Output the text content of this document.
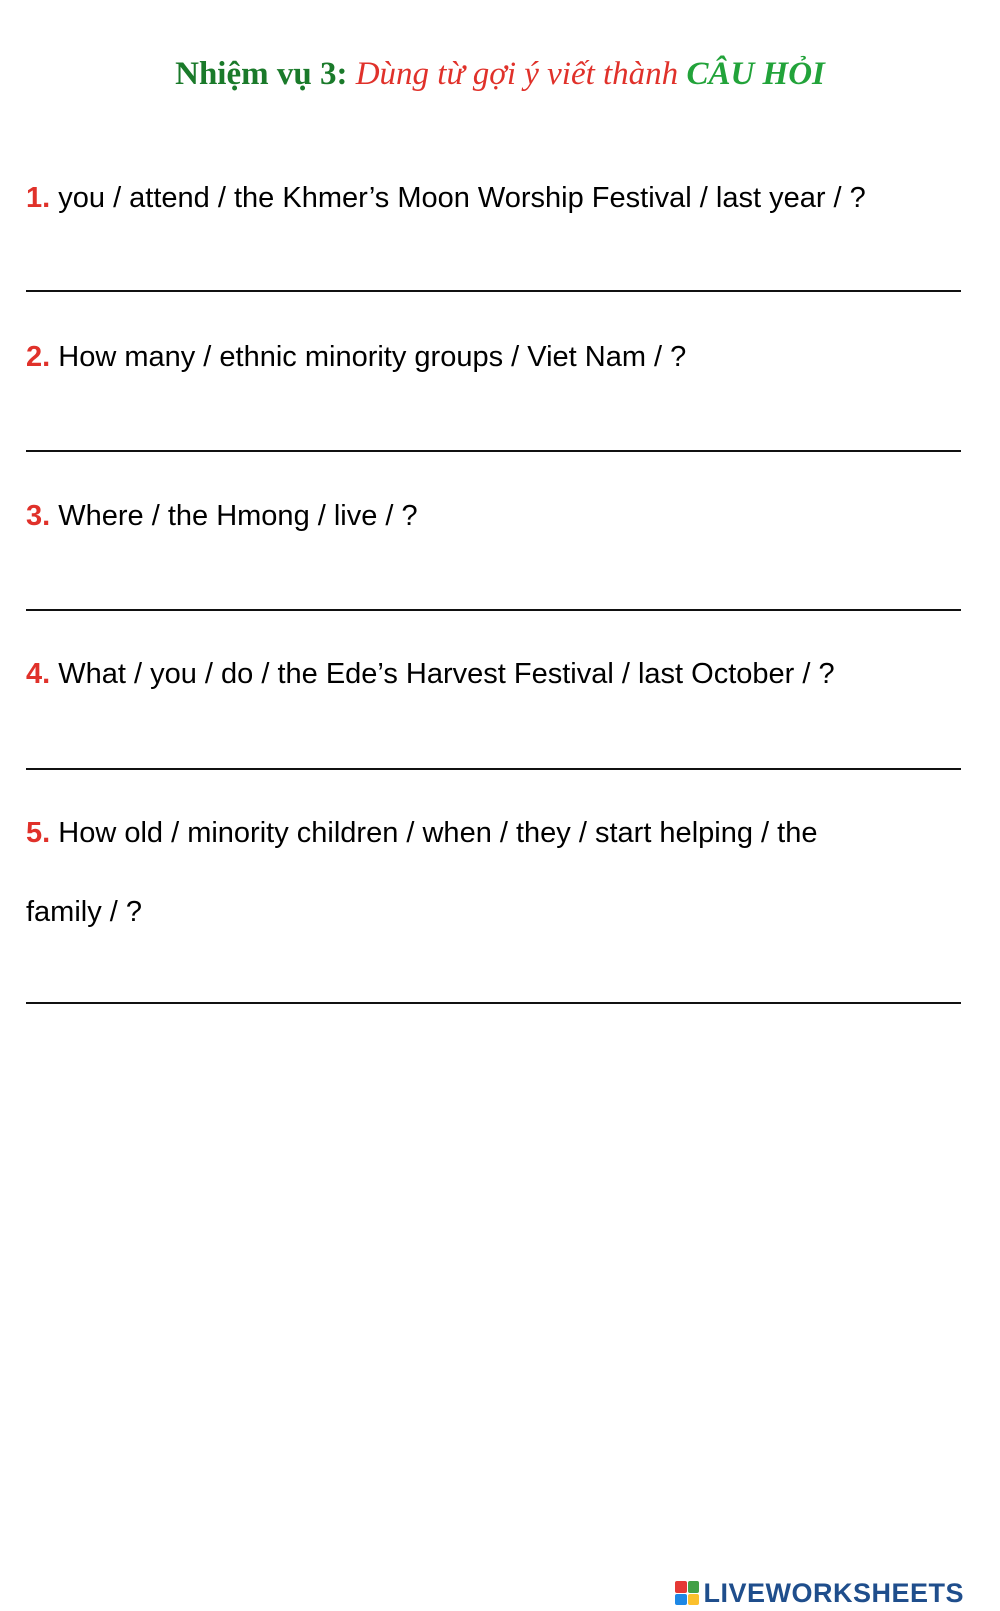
Nhiệm vụ 3: Dùng từ gợi ý viết thành CÂU HỎI
1. you / attend / the Khmer’s Moon Worship Festival / last year / ?
2. How many / ethnic minority groups / Viet Nam / ?
3. Where / the Hmong / live / ?
4. What / you / do / the Ede’s Harvest Festival / last October / ?
5. How old / minority children / when / they / start helping / the
family / ?
LIVEWORKSHEETS
